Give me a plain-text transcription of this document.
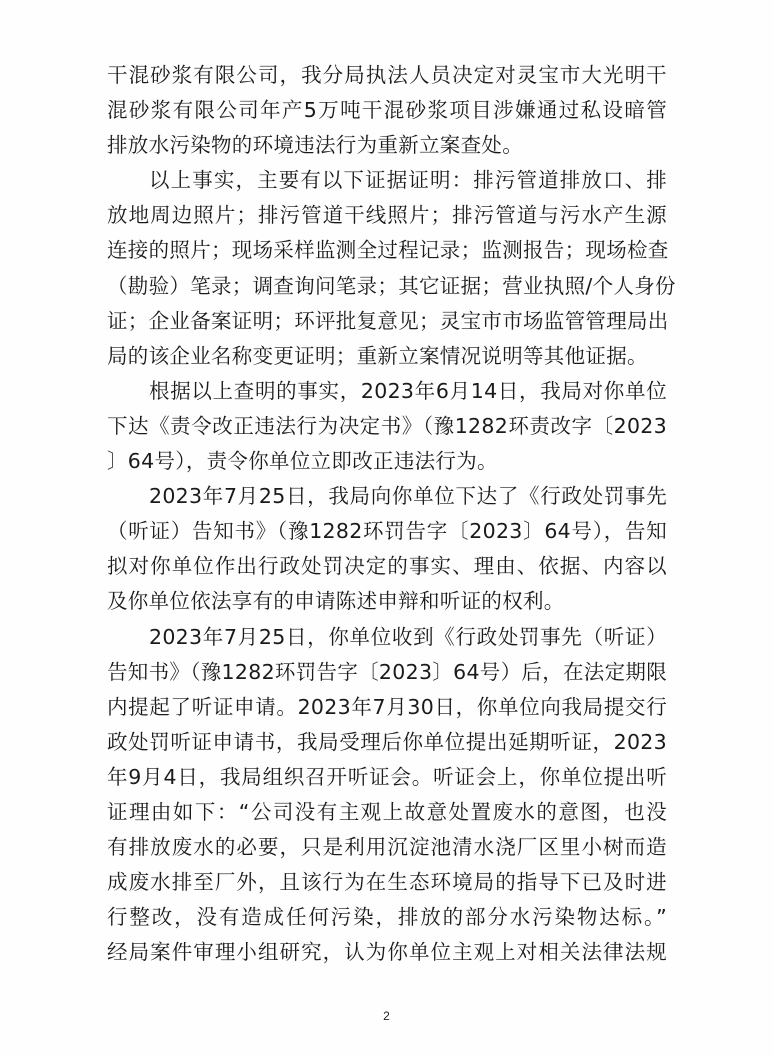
干混砂浆有限公司，我分局执法人员决定对灵宝市大光明干
混砂浆有限公司年产5万吨干混砂浆项目涉嫌通过私设暗管
排放水污染物的环境违法行为重新立案查处。
以上事实，主要有以下证据证明：排污管道排放口、排
放地周边照片；排污管道干线照片；排污管道与污水产生源
连接的照片；现场采样监测全过程记录；监测报告；现场检查
（勘验）笔录；调查询问笔录；其它证据；营业执照/个人身份
证；企业备案证明；环评批复意见；灵宝市市场监管管理局出
局的该企业名称变更证明；重新立案情况说明等其他证据。
根据以上查明的事实，2023年6月14日，我局对你单位
下达《责令改正违法行为决定书》（豫1282环责改字〔2023
〕64号），责令你单位立即改正违法行为。
2023年7月25日，我局向你单位下达了《行政处罚事先
（听证）告知书》（豫1282环罚告字〔2023〕64号），告知
拟对你单位作出行政处罚决定的事实、理由、依据、内容以
及你单位依法享有的申请陈述申辩和听证的权利。
2023年7月25日，你单位收到《行政处罚事先（听证）
告知书》（豫1282环罚告字〔2023〕64号）后，在法定期限
内提起了听证申请。2023年7月30日，你单位向我局提交行
政处罚听证申请书，我局受理后你单位提出延期听证，2023
年9月4日，我局组织召开听证会。听证会上，你单位提出听
证理由如下：“公司没有主观上故意处置废水的意图，也没
有排放废水的必要，只是利用沉淀池清水浇厂区里小树而造
成废水排至厂外，且该行为在生态环境局的指导下已及时进
行整改，没有造成任何污染，排放的部分水污染物达标。”
经局案件审理小组研究，认为你单位主观上对相关法律法规
2
